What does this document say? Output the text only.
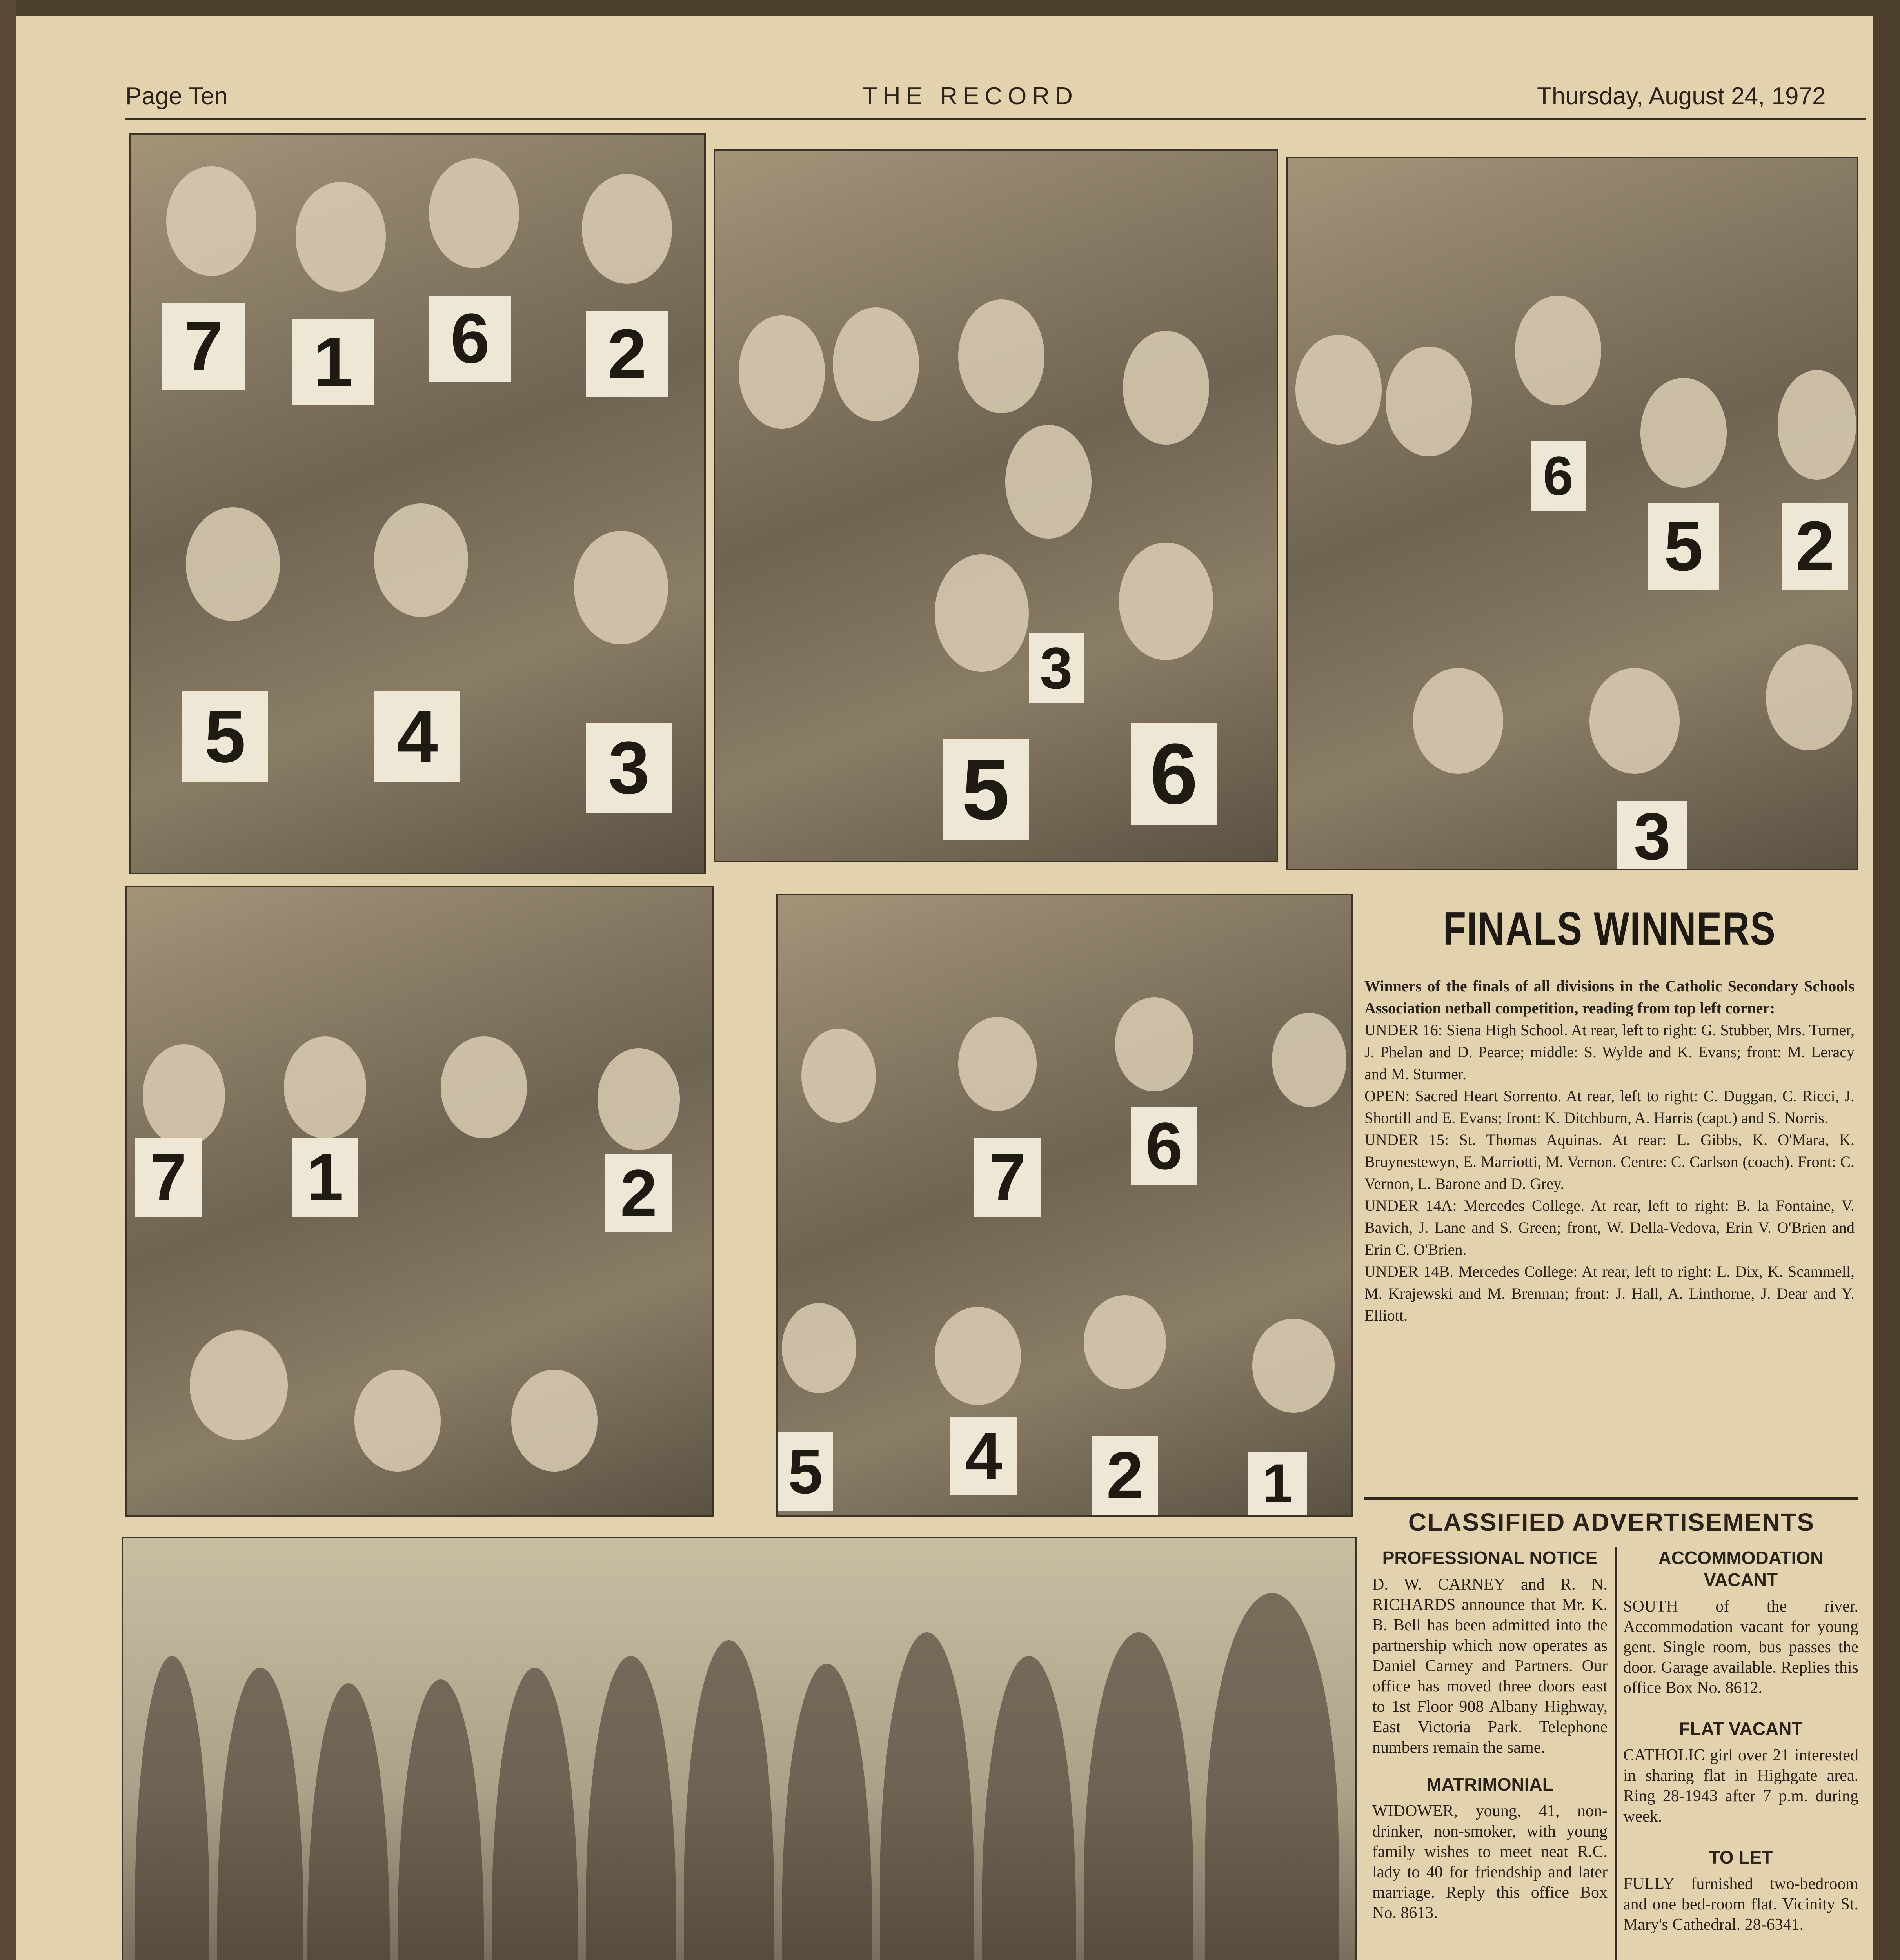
Page Ten	THE RECORD	Thursday, August 24, 1972
7	1	6	2
5	4	3
3
5 6
6
5 2
3
7 1	2	7 6
5 4 2 1
FINALS WINNERS

Winners of the finals of all divisions in the Catholic Secondary Schools Association netball competition, reading from top left corner:

UNDER 16: Siena High School. At rear, left to right: G. Stubber, Mrs. Turner, J. Phelan and D. Pearce; middle: S. Wylde and K. Evans; front: M. Leracy and M. Sturmer.

OPEN: Sacred Heart Sorrento. At rear, left to right: C. Duggan, C. Ricci, J. Shortill and E. Evans; front: K. Ditchburn, A. Harris (capt.) and S. Norris.

UNDER 15: St. Thomas Aquinas. At rear: L. Gibbs, K. O'Mara, K. Bruynestewyn, E. Marriotti, M. Vernon. Centre: C. Carlson (coach). Front: C. Vernon, L. Barone and D. Grey.

UNDER 14A: Mercedes College. At rear, left to right: B. la Fontaine, V. Bavich, J. Lane and S. Green; front, W. Della-Vedova, Erin V. O'Brien and Erin C. O'Brien.

UNDER 14B. Mercedes College: At rear, left to right: L. Dix, K. Scammell, M. Krajewski and M. Brennan; front: J. Hall, A. Linthorne, J. Dear and Y. Elliott.

CLASSIFIED ADVERTISEMENTS
PROFESSIONAL NOTICE

D. W. CARNEY and R. N. RICHARDS announce that Mr. K. B. Bell has been admitted into the partnership which now operates as Daniel Carney and Partners. Our office has moved three doors east to 1st Floor 908 Albany Highway, East Victoria Park. Telephone numbers remain the same.

MATRIMONIAL

WIDOWER, young, 41, non-drinker, non-smoker, with young family wishes to meet neat R.C. lady to 40 for friendship and later marriage. Reply this office Box No. 8613.

ACCOMMODATION VACANT

SOUTH of the river. Accommodation vacant for young gent. Single room, bus passes the door. Garage available. Replies this office Box No. 8612.

FLAT VACANT

CATHOLIC girl over 21 interested in sharing flat in Highgate area. Ring 28-1943 after 7 p.m. during week.

TO LET

FULLY furnished two-bedroom and one bed-room flat. Vicinity St. Mary's Cathedral. 28-6341.
